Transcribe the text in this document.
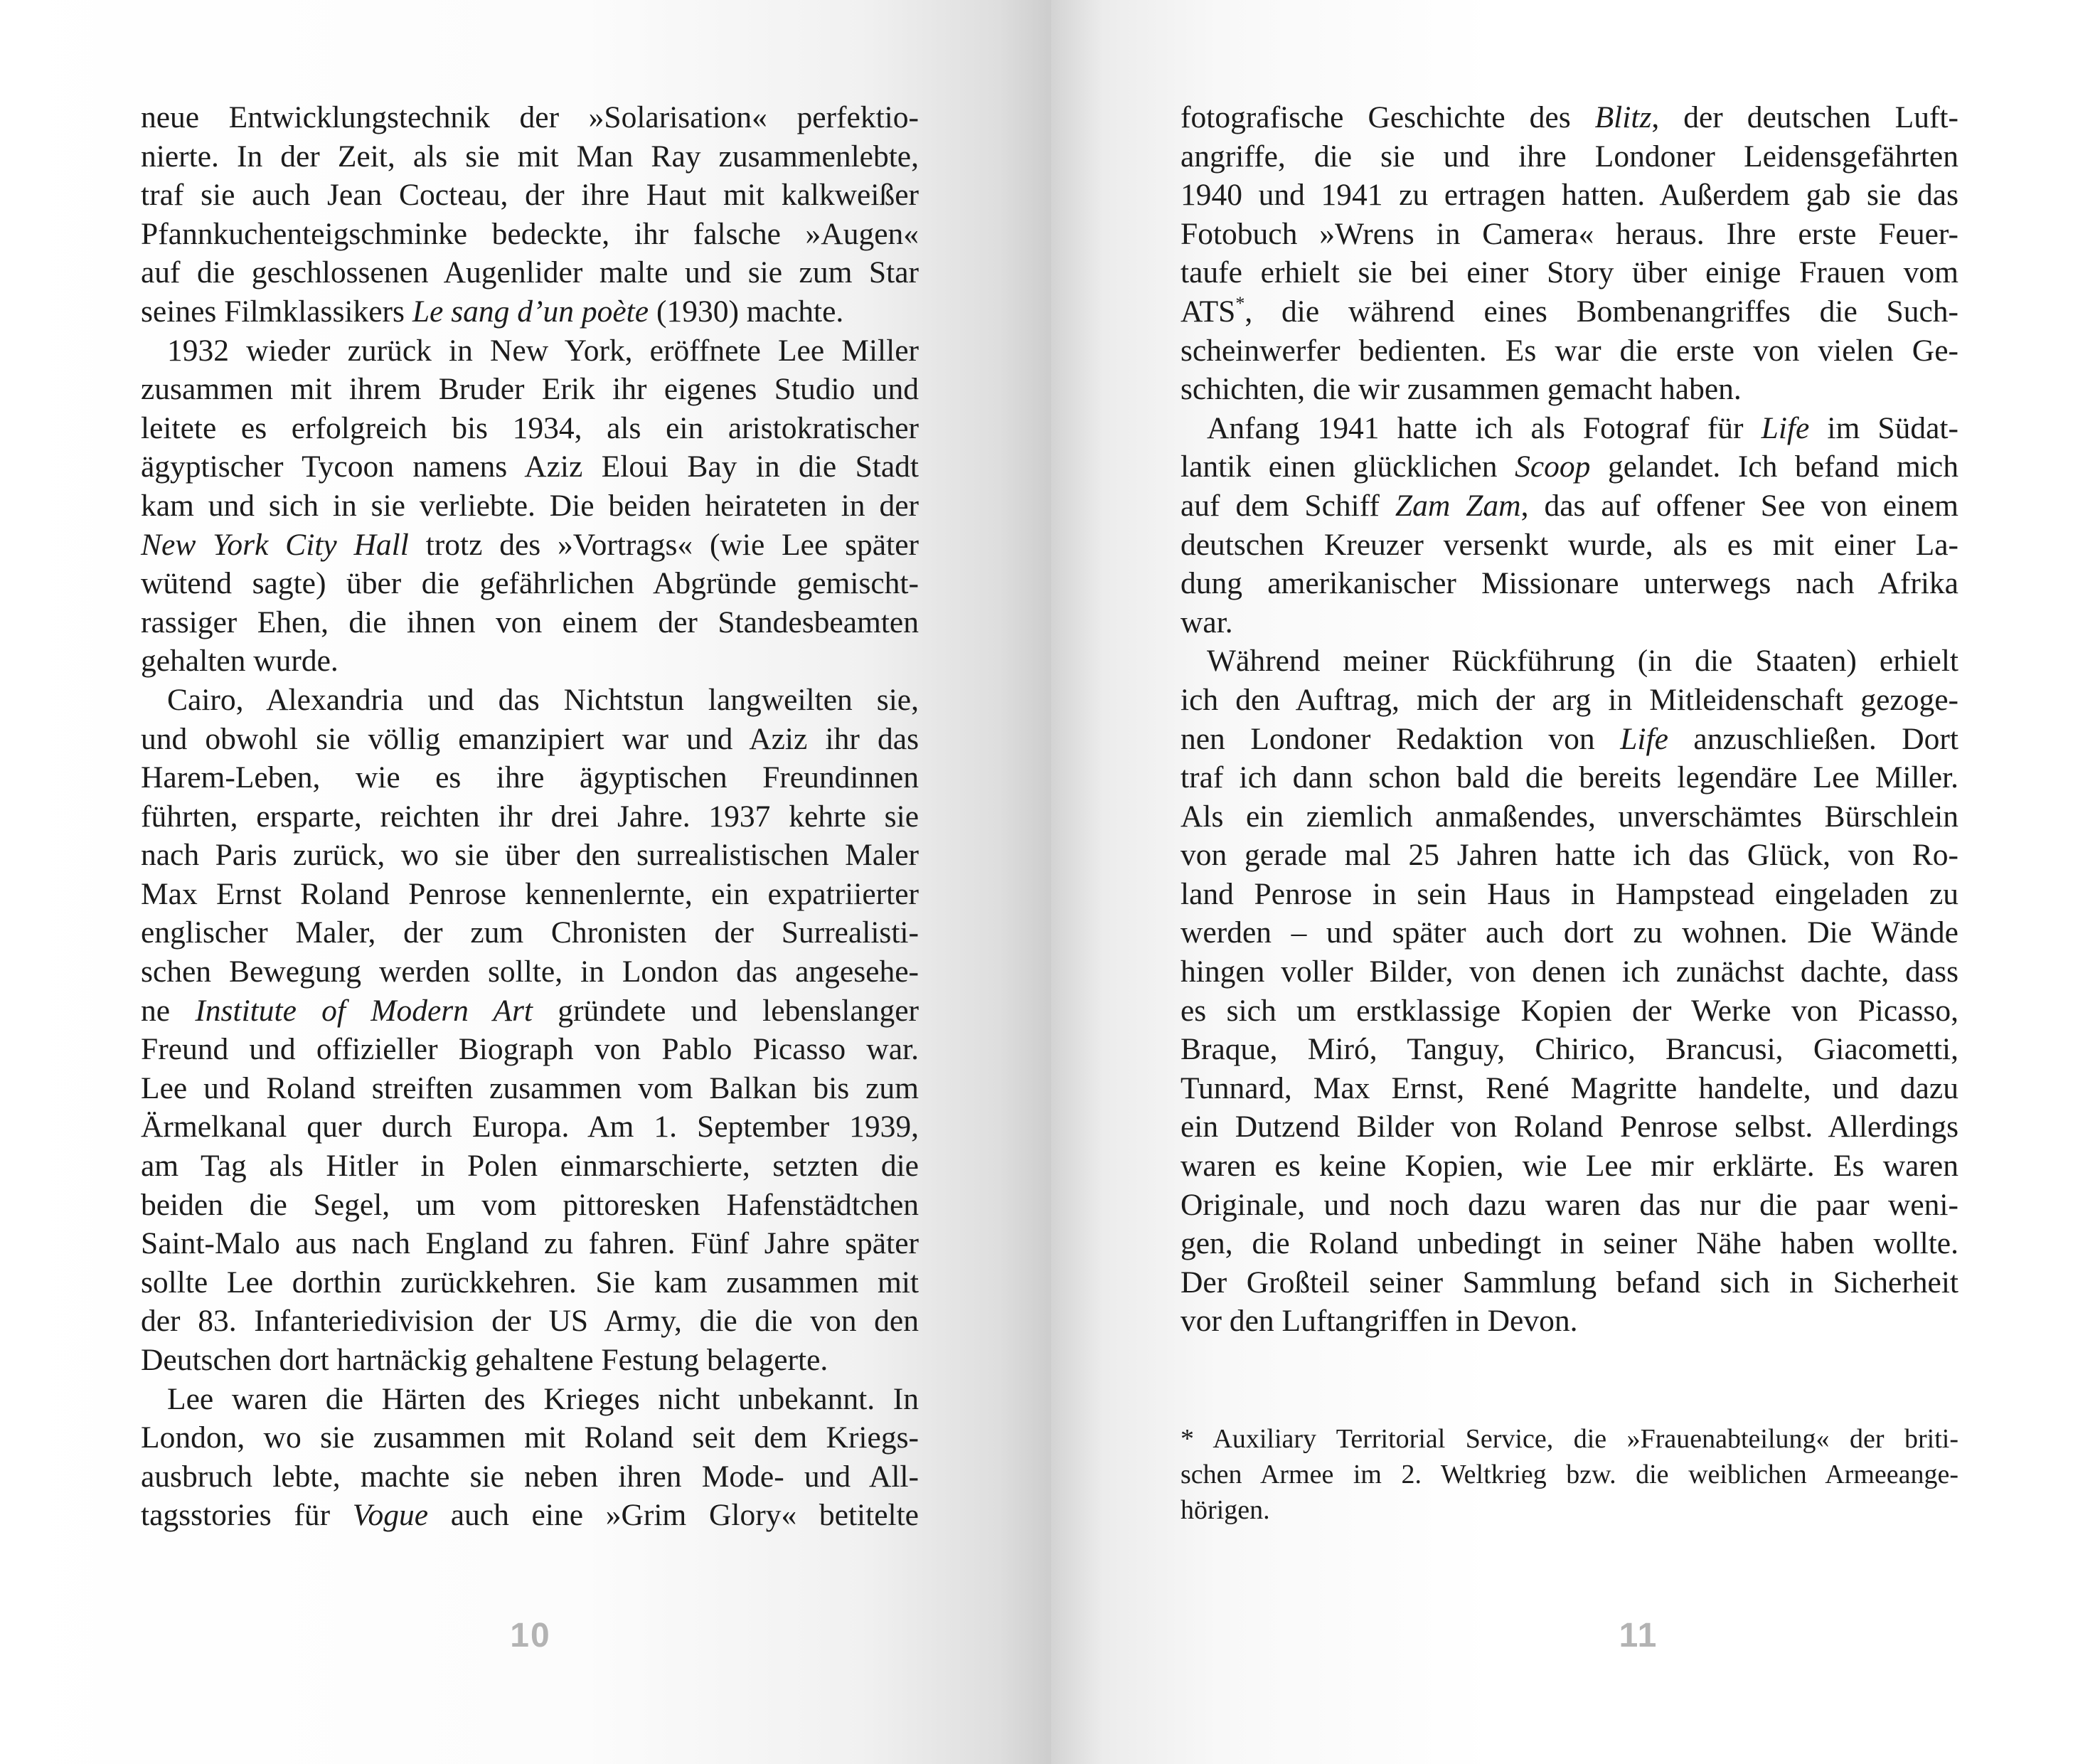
neue Entwicklungstechnik der »Solarisation« perfektio-
nierte. In der Zeit, als sie mit Man Ray zusammenlebte,
traf sie auch Jean Cocteau, der ihre Haut mit kalkweißer
Pfannkuchenteigschminke bedeckte, ihr falsche »Augen«
auf die geschlossenen Augenlider malte und sie zum Star
seines Filmklassikers Le sang d’un poète (1930) machte.
1932 wieder zurück in New York, eröffnete Lee Miller
zusammen mit ihrem Bruder Erik ihr eigenes Studio und
leitete es erfolgreich bis 1934, als ein aristokratischer
ägyptischer Tycoon namens Aziz Eloui Bay in die Stadt
kam und sich in sie verliebte. Die beiden heirateten in der
New York City Hall trotz des »Vortrags« (wie Lee später
wütend sagte) über die gefährlichen Abgründe gemischt-
rassiger Ehen, die ihnen von einem der Standesbeamten
gehalten wurde.
Cairo, Alexandria und das Nichtstun langweilten sie,
und obwohl sie völlig emanzipiert war und Aziz ihr das
Harem-Leben, wie es ihre ägyptischen Freundinnen
führten, ersparte, reichten ihr drei Jahre. 1937 kehrte sie
nach Paris zurück, wo sie über den surrealistischen Maler
Max Ernst Roland Penrose kennenlernte, ein expatriierter
englischer Maler, der zum Chronisten der Surrealisti-
schen Bewegung werden sollte, in London das angesehe-
ne Institute of Modern Art gründete und lebenslanger
Freund und offizieller Biograph von Pablo Picasso war.
Lee und Roland streiften zusammen vom Balkan bis zum
Ärmelkanal quer durch Europa. Am 1. September 1939,
am Tag als Hitler in Polen einmarschierte, setzten die
beiden die Segel, um vom pittoresken Hafenstädtchen
Saint-Malo aus nach England zu fahren. Fünf Jahre später
sollte Lee dorthin zurückkehren. Sie kam zusammen mit
der 83. Infanteriedivision der US Army, die die von den
Deutschen dort hartnäckig gehaltene Festung belagerte.
Lee waren die Härten des Krieges nicht unbekannt. In
London, wo sie zusammen mit Roland seit dem Kriegs-
ausbruch lebte, machte sie neben ihren Mode- und All-
tagsstories für Vogue auch eine »Grim Glory« betitelte
10
fotografische Geschichte des Blitz, der deutschen Luft-
angriffe, die sie und ihre Londoner Leidensgefährten
1940 und 1941 zu ertragen hatten. Außerdem gab sie das
Fotobuch »Wrens in Camera« heraus. Ihre erste Feuer-
taufe erhielt sie bei einer Story über einige Frauen vom
ATS*, die während eines Bombenangriffes die Such-
scheinwerfer bedienten. Es war die erste von vielen Ge-
schichten, die wir zusammen gemacht haben.
Anfang 1941 hatte ich als Fotograf für Life im Südat-
lantik einen glücklichen Scoop gelandet. Ich befand mich
auf dem Schiff Zam Zam, das auf offener See von einem
deutschen Kreuzer versenkt wurde, als es mit einer La-
dung amerikanischer Missionare unterwegs nach Afrika
war.
Während meiner Rückführung (in die Staaten) erhielt
ich den Auftrag, mich der arg in Mitleidenschaft gezoge-
nen Londoner Redaktion von Life anzuschließen. Dort
traf ich dann schon bald die bereits legendäre Lee Miller.
Als ein ziemlich anmaßendes, unverschämtes Bürschlein
von gerade mal 25 Jahren hatte ich das Glück, von Ro-
land Penrose in sein Haus in Hampstead eingeladen zu
werden – und später auch dort zu wohnen. Die Wände
hingen voller Bilder, von denen ich zunächst dachte, dass
es sich um erstklassige Kopien der Werke von Picasso,
Braque, Miró, Tanguy, Chirico, Brancusi, Giacometti,
Tunnard, Max Ernst, René Magritte handelte, und dazu
ein Dutzend Bilder von Roland Penrose selbst. Allerdings
waren es keine Kopien, wie Lee mir erklärte. Es waren
Originale, und noch dazu waren das nur die paar weni-
gen, die Roland unbedingt in seiner Nähe haben wollte.
Der Großteil seiner Sammlung befand sich in Sicherheit
vor den Luftangriffen in Devon.
* Auxiliary Territorial Service, die »Frauenabteilung« der briti-
schen Armee im 2. Weltkrieg bzw. die weiblichen Armeeange-
hörigen.
11
